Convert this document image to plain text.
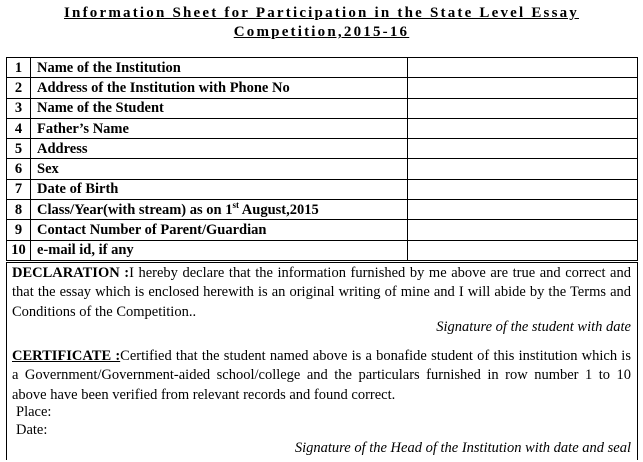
Information Sheet for Participation in the State Level Essay
Competition,2015-16
1	Name of the Institution	
2	Address of the Institution with Phone No	
3	Name of the Student	
4	Father’s Name	
5	Address	
6	Sex	
7	Date of Birth	
8	Class/Year(with stream) as on 1st August,2015	
9	Contact Number of Parent/Guardian	
10	e-mail id, if any	
DECLARATION :I hereby declare that the information furnished by me above are true and correct and that the essay which is enclosed herewith is an original writing of mine and I will abide by the Terms and Conditions of the Competition..
Signature of the student with date
CERTIFICATE :Certified that the student named above is a bonafide student of this institution which is a Government/Government-aided school/college and the particulars furnished in row number 1 to 10 above have been verified from relevant records and found correct.
Place:
Date:
Signature of the Head of the Institution with date and seal
